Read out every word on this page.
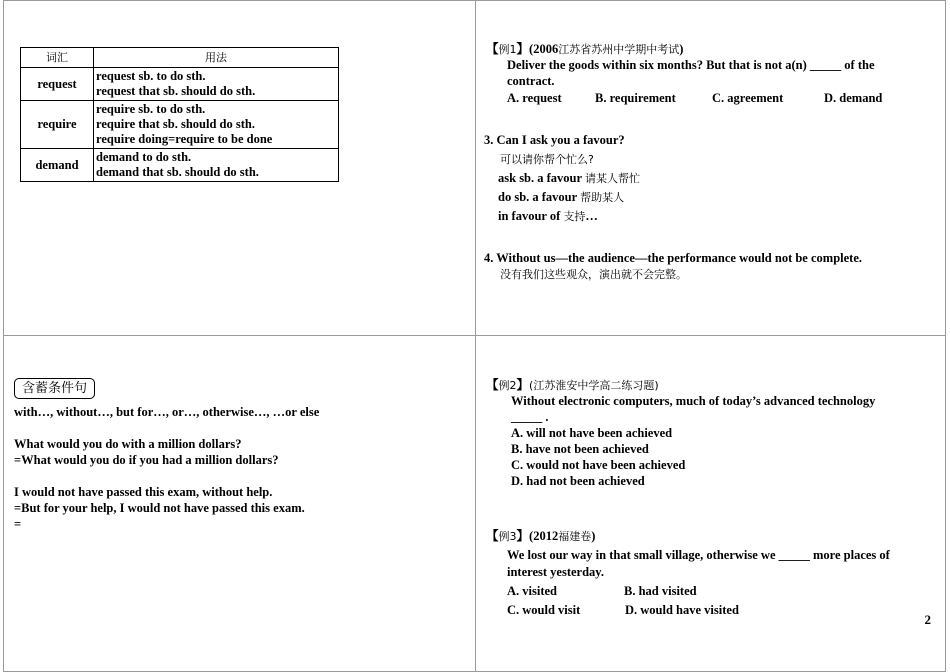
词汇	用法
request	request sb. to do sth.
request that sb. should do sth.

require	require sb. to do sth.
require that sb. should do sth.
require doing=require to be done

demand	demand to do sth.
demand that sb. should do sth.
【例1】(2006江苏省苏州中学期中考试)
Deliver the goods within six months? But that is not a(n) _____ of the
contract.
A. request	B. requirement	C. agreement	D. demand
3. Can I ask you a favour?
可以请你帮个忙么?
ask sb. a favour 请某人帮忙
do sb. a favour 帮助某人
in favour of 支持…
4. Without us—the audience—the performance would not be complete.
没有我们这些观众，演出就不会完整。
含蓄条件句
with…, without…, but for…, or…, otherwise…, …or else
What would you do with a million dollars?
=What would you do if you had a million dollars?
I would not have passed this exam, without help.
=But for your help, I would not have passed this exam.
=
【例2】(江苏淮安中学高二练习题)
Without electronic computers, much of today’s advanced technology
_____ .
A. will not have been achieved
B. have not been achieved
C. would not have been achieved
D. had not been achieved
【例3】(2012福建卷)
We lost our way in that small village, otherwise we _____ more places of
interest yesterday.
A. visited	B. had visited
C. would visit	D. would have visited
2
